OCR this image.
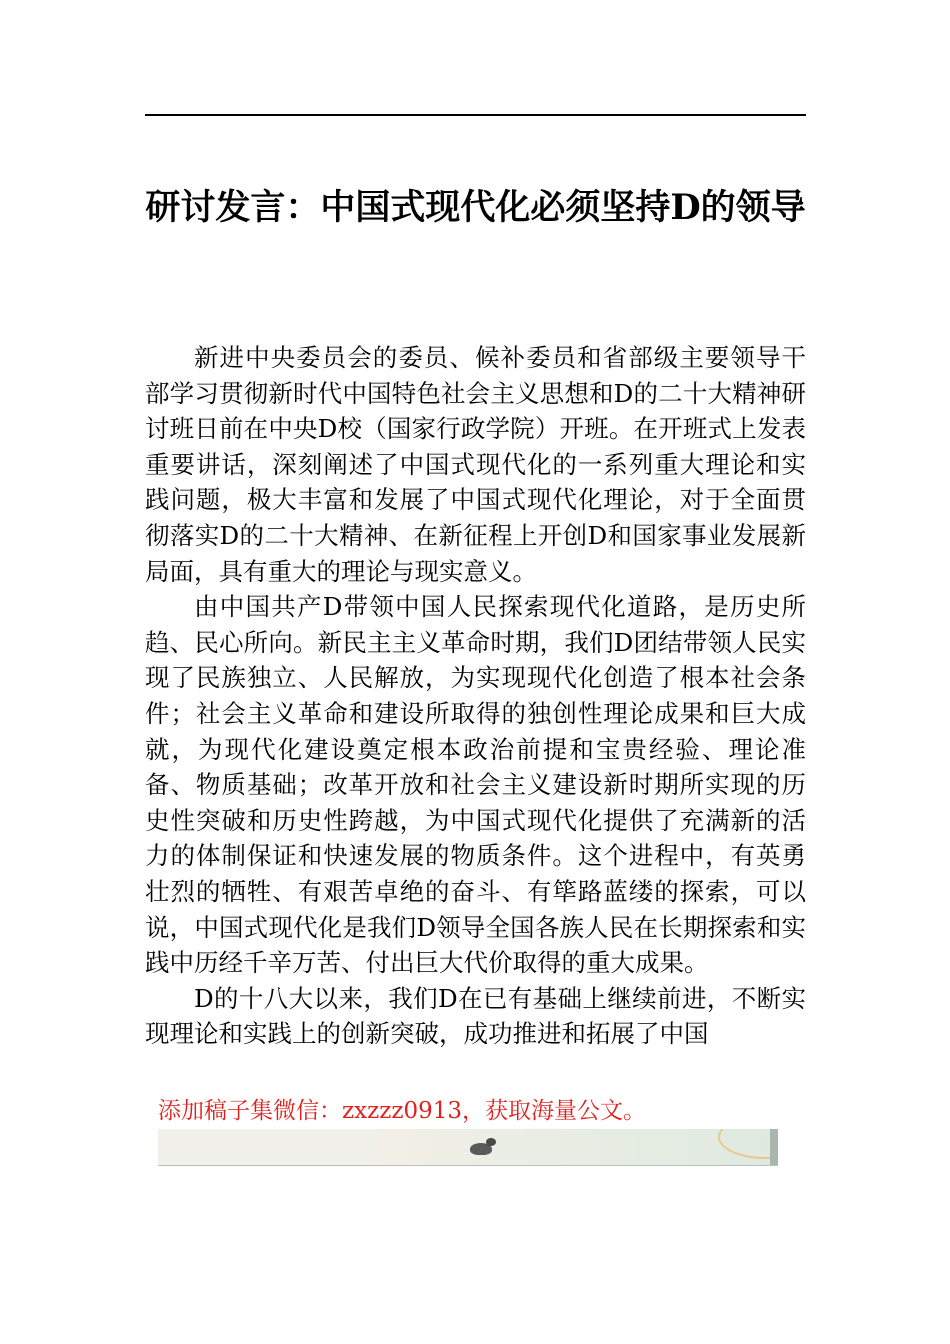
研讨发言：中国式现代化必须坚持D的领导

新进中央委员会的委员、候补委员和省部级主要领导干部学习贯彻新时代中国特色社会主义思想和D的二十大精神研讨班日前在中央D校（国家行政学院）开班。在开班式上发表重要讲话，深刻阐述了中国式现代化的一系列重大理论和实践问题，极大丰富和发展了中国式现代化理论，对于全面贯彻落实D的二十大精神、在新征程上开创D和国家事业发展新局面，具有重大的理论与现实意义。

由中国共产D带领中国人民探索现代化道路，是历史所趋、民心所向。新民主主义革命时期，我们D团结带领人民实现了民族独立、人民解放，为实现现代化创造了根本社会条件；社会主义革命和建设所取得的独创性理论成果和巨大成就，为现代化建设奠定根本政治前提和宝贵经验、理论准备、物质基础；改革开放和社会主义建设新时期所实现的历史性突破和历史性跨越，为中国式现代化提供了充满新的活力的体制保证和快速发展的物质条件。这个进程中，有英勇壮烈的牺牲、有艰苦卓绝的奋斗、有筚路蓝缕的探索，可以说，中国式现代化是我们D领导全国各族人民在长期探索和实践中历经千辛万苦、付出巨大代价取得的重大成果。

D的十八大以来，我们D在已有基础上继续前进，不断实现理论和实践上的创新突破，成功推进和拓展了中国

添加稿子集微信：zxzzz0913，获取海量公文。
